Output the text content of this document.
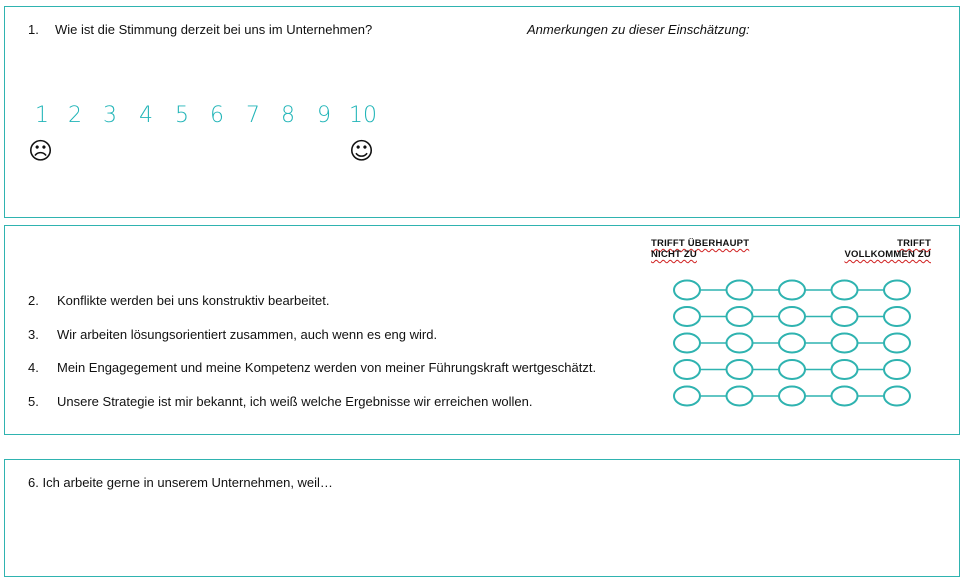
1. Wie ist die Stimmung derzeit bei uns im Unternehmen?	Anmerkungen zu dieser Einschätzung:
1 2 3 4 5 6 7 8 9 10
☹	☺
TRIFFT ÜBERHAUPT NICHT ZU
TRIFFT VOLLKOMMEN ZU
2. Konflikte werden bei uns konstruktiv bearbeitet.
3. Wir arbeiten lösungsorientiert zusammen, auch wenn es eng wird.
4. Mein Engagegement und meine Kompetenz werden von meiner Führungskraft wertgeschätzt.
5. Unsere Strategie ist mir bekannt, ich weiß welche Ergebnisse wir erreichen wollen.
6. Ich arbeite gerne in unserem Unternehmen, weil…
